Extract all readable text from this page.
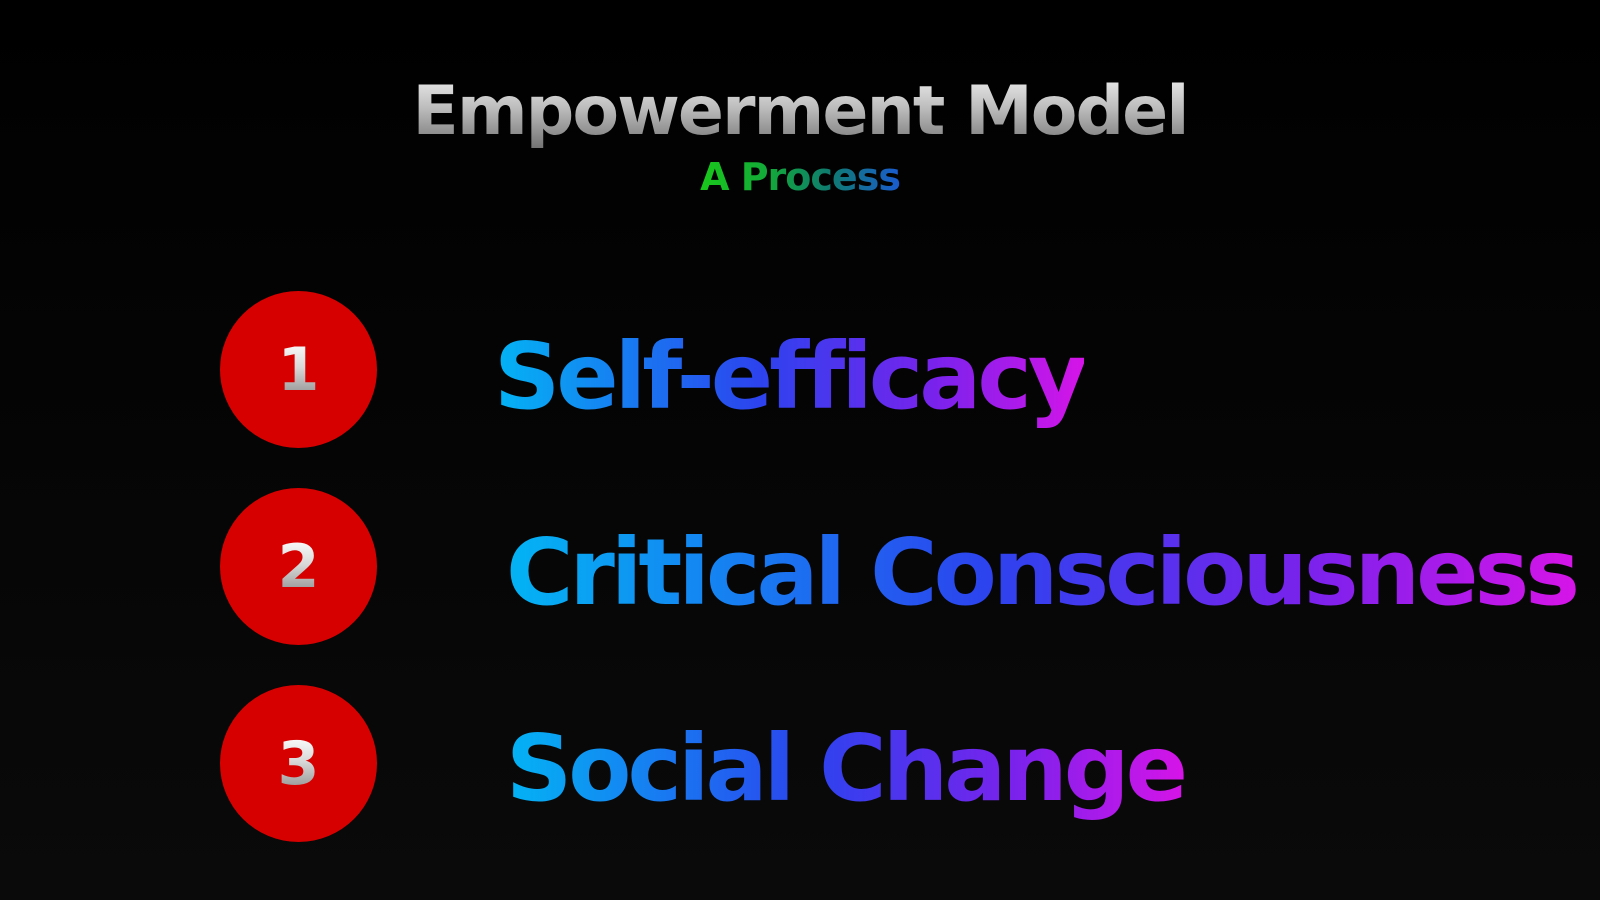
Empowerment Model
A Process
1 Self-efficacy
2 Critical Consciousness
3 Social Change
